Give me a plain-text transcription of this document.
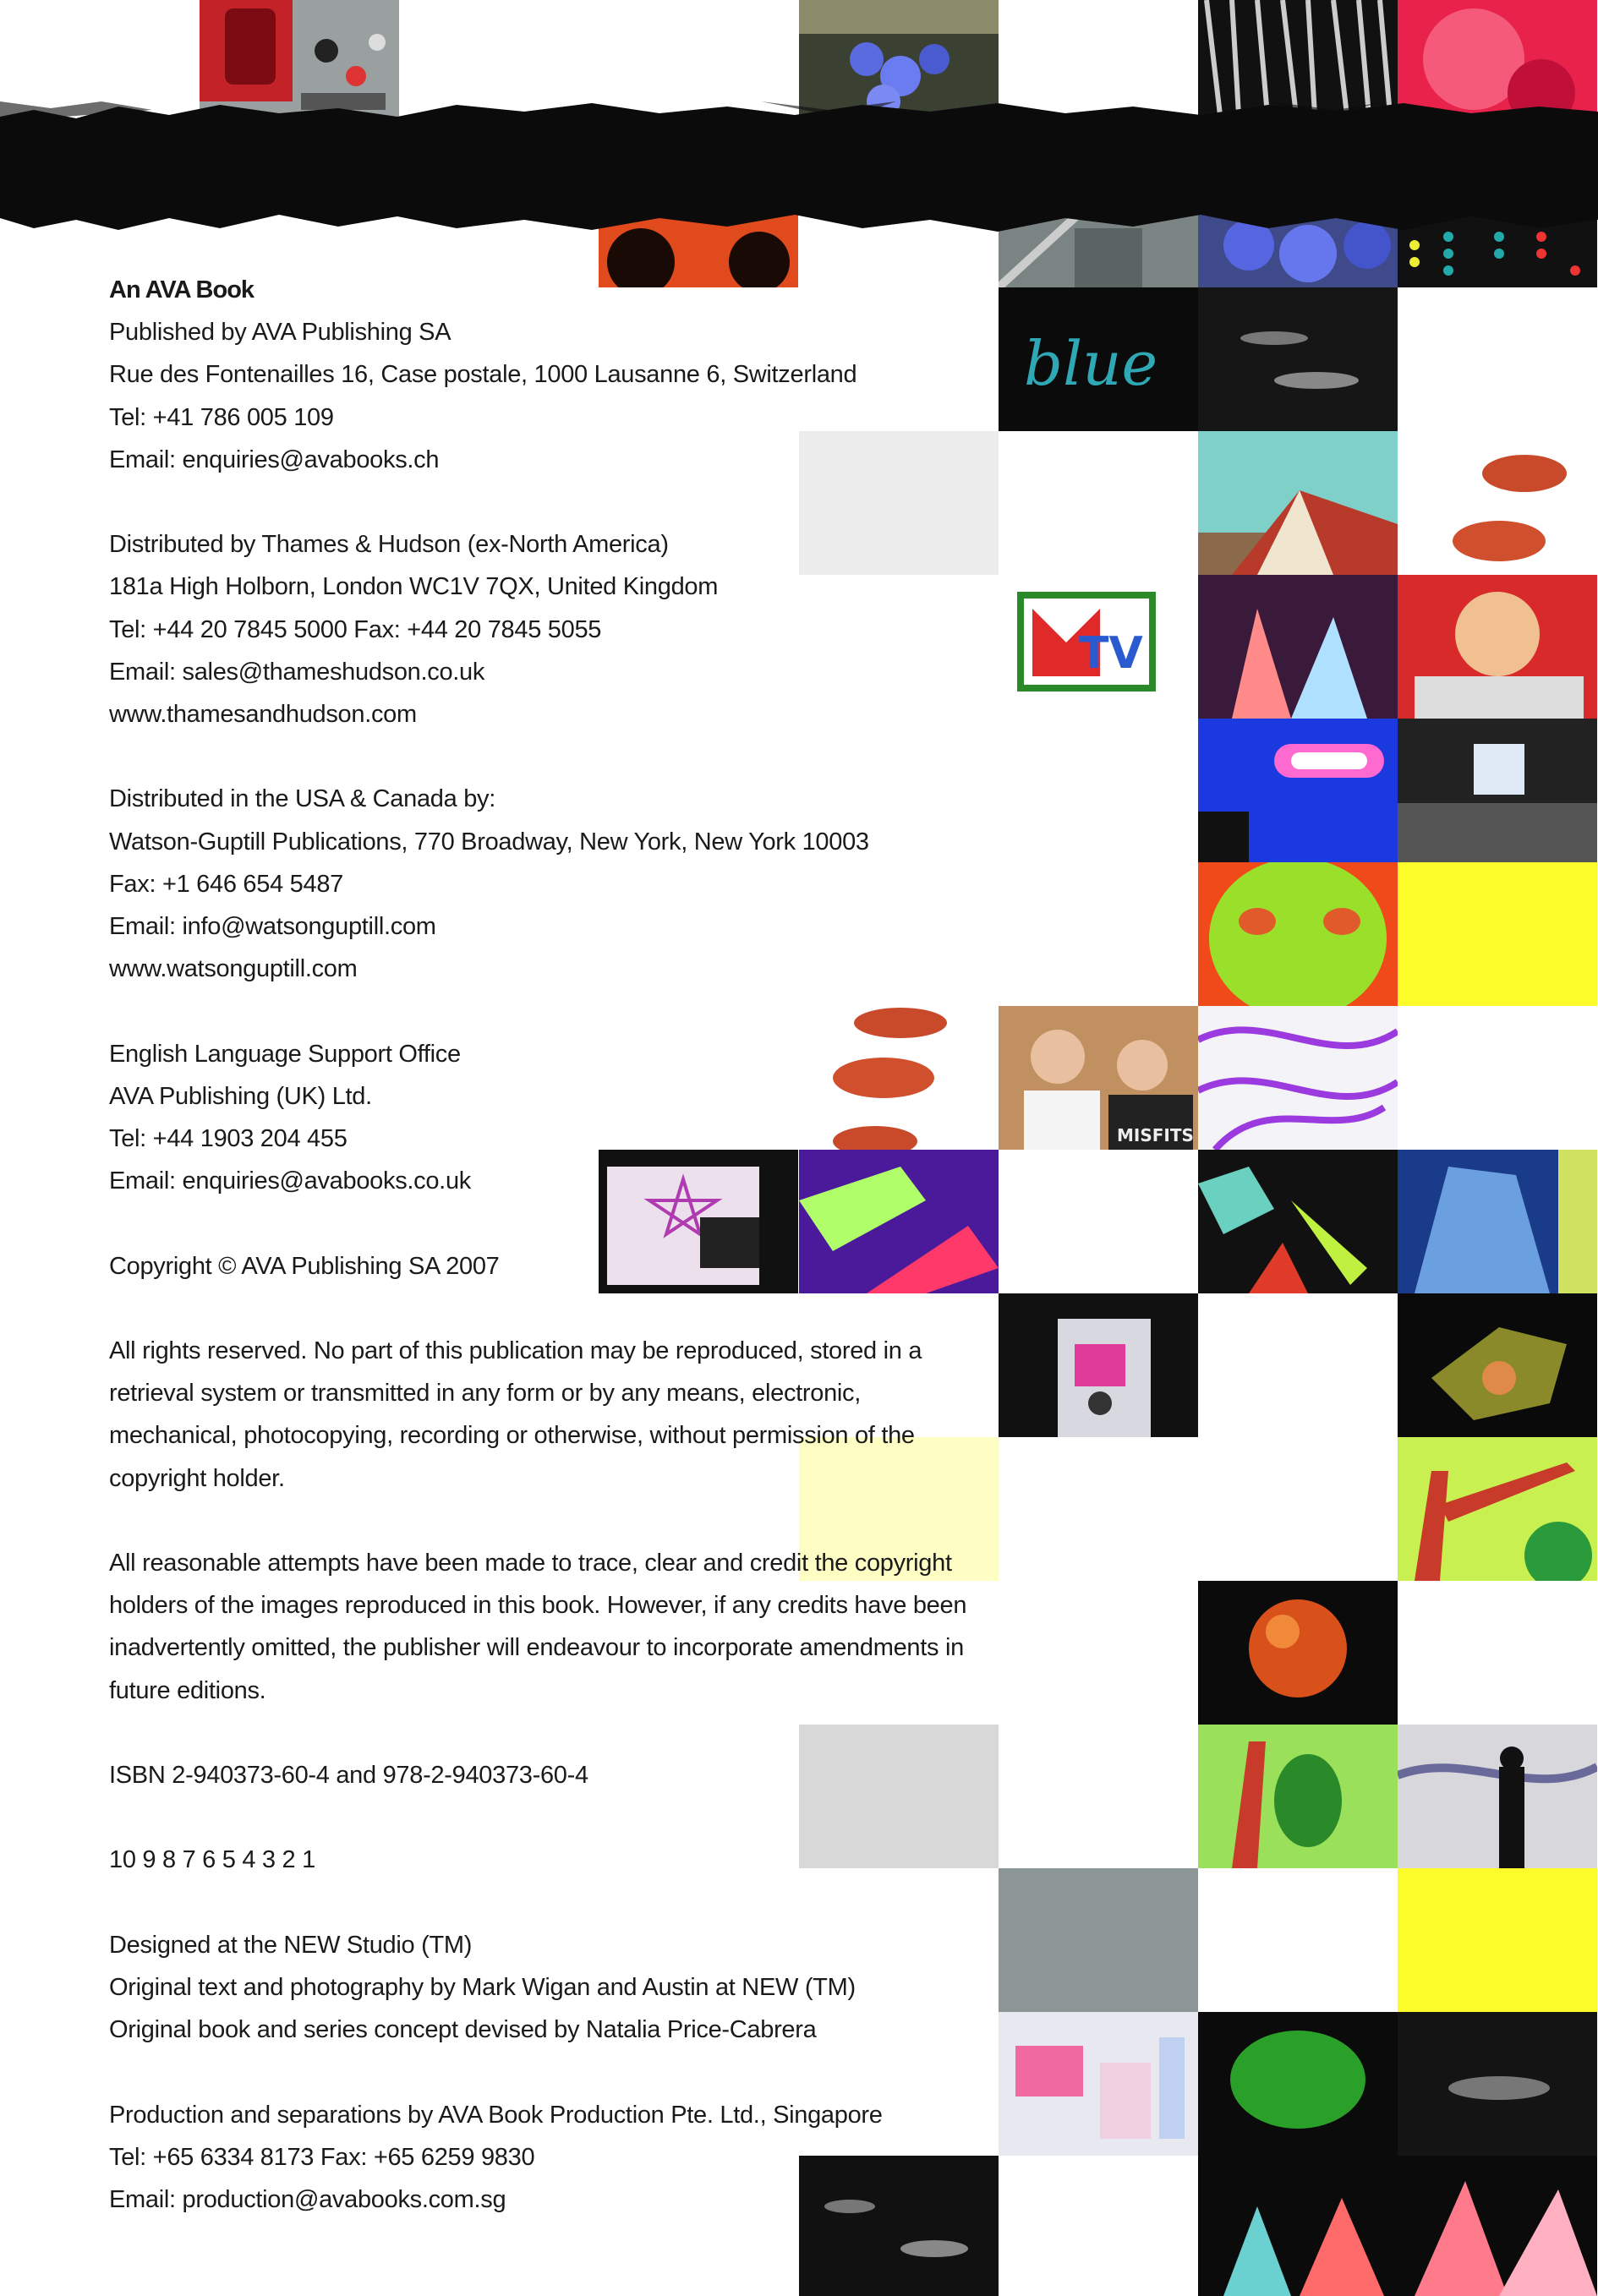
blue
TV
MISFITS
An AVA Book
Published by AVA Publishing SA
Rue des Fontenailles 16, Case postale, 1000 Lausanne 6, Switzerland
Tel: +41 786 005 109
Email: enquiries@avabooks.ch
Distributed by Thames & Hudson (ex-North America)
181a High Holborn, London WC1V 7QX, United Kingdom
Tel: +44 20 7845 5000 Fax: +44 20 7845 5055
Email: sales@thameshudson.co.uk
www.thamesandhudson.com
Distributed in the USA & Canada by:
Watson-Guptill Publications, 770 Broadway, New York, New York 10003
Fax: +1 646 654 5487
Email: info@watsonguptill.com
www.watsonguptill.com
English Language Support Office
AVA Publishing (UK) Ltd.
Tel: +44 1903 204 455
Email: enquiries@avabooks.co.uk
Copyright © AVA Publishing SA 2007
All rights reserved. No part of this publication may be reproduced, stored in a
retrieval system or transmitted in any form or by any means, electronic,
mechanical, photocopying, recording or otherwise, without permission of the
copyright holder.
All reasonable attempts have been made to trace, clear and credit the copyright
holders of the images reproduced in this book. However, if any credits have been
inadvertently omitted, the publisher will endeavour to incorporate amendments in
future editions.
ISBN 2-940373-60-4 and 978-2-940373-60-4
10 9 8 7 6 5 4 3 2 1
Designed at the NEW Studio (TM)
Original text and photography by Mark Wigan and Austin at NEW (TM)
Original book and series concept devised by Natalia Price-Cabrera
Production and separations by AVA Book Production Pte. Ltd., Singapore
Tel: +65 6334 8173 Fax: +65 6259 9830
Email: production@avabooks.com.sg
